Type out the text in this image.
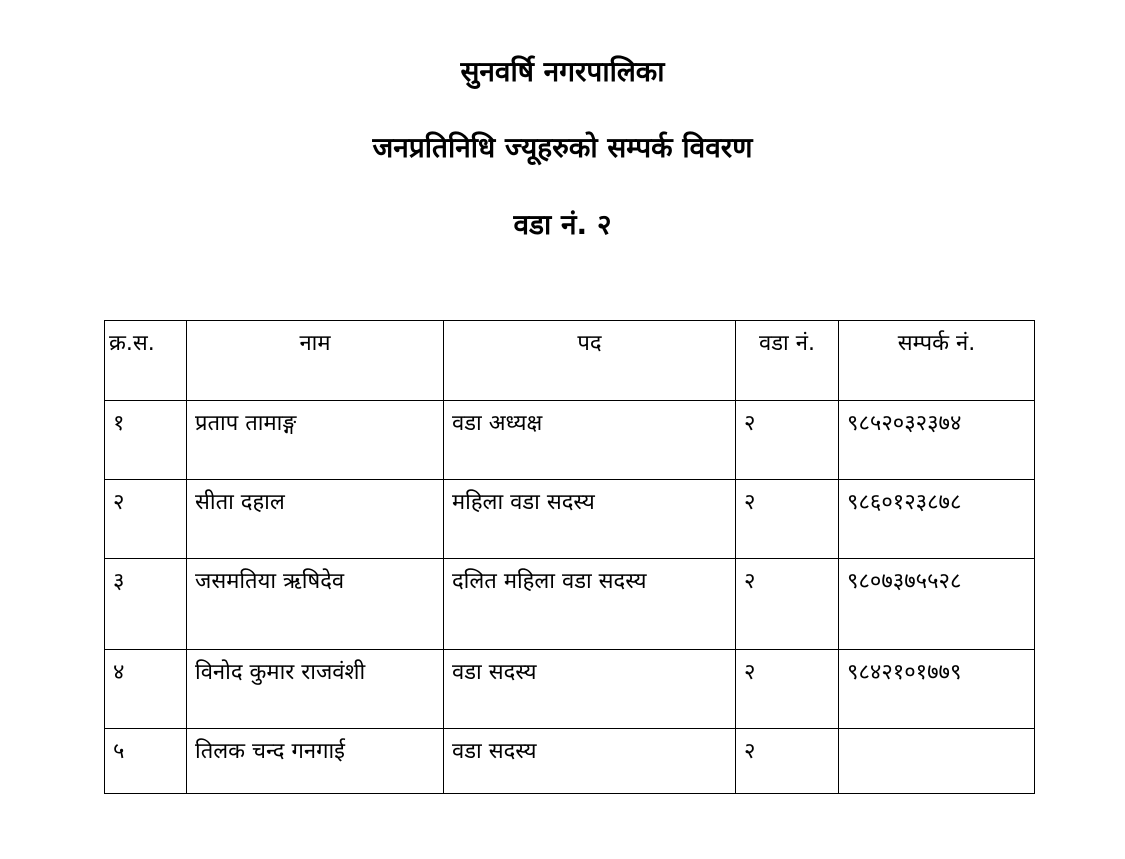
सुनवर्षि नगरपालिका
जनप्रतिनिधि ज्यूहरुको सम्पर्क विवरण
वडा नं. २
क्र.स.	नाम	पद	वडा नं.	सम्पर्क नं.
१	प्रताप तामाङ्ग	वडा अध्यक्ष	२	९८५२०३२३७४
२	सीता दहाल	महिला वडा सदस्य	२	९८६०१२३८७८
३	जसमतिया ऋषिदेव	दलित महिला वडा सदस्य	२	९८०७३७५५२८
४	विनोद कुमार राजवंशी	वडा सदस्य	२	९८४२१०१७७९
५	तिलक चन्द गनगाई	वडा सदस्य	२	
